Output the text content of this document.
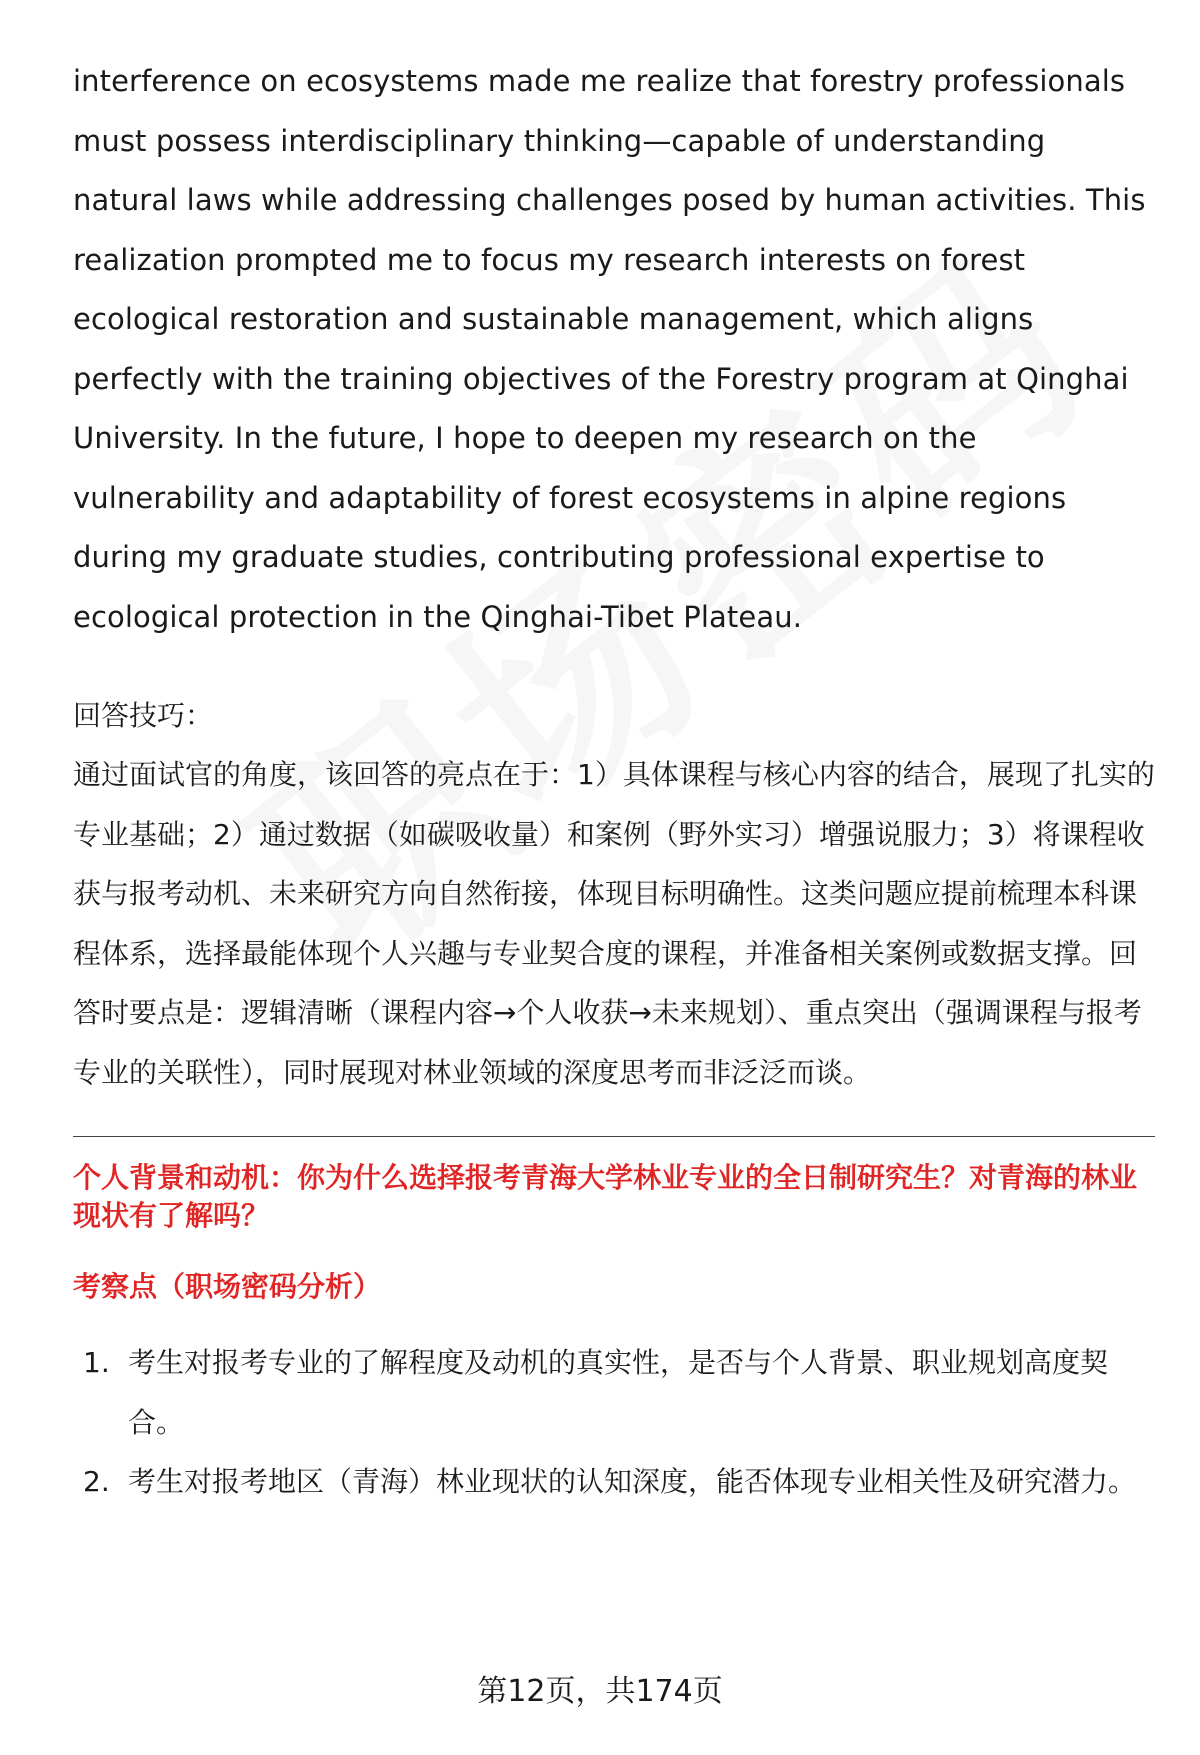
interference on ecosystems made me realize that forestry professionals must possess interdisciplinary thinking—capable of understanding natural laws while addressing challenges posed by human activities. This realization prompted me to focus my research interests on forest ecological restoration and sustainable management, which aligns perfectly with the training objectives of the Forestry program at Qinghai University. In the future, I hope to deepen my research on the vulnerability and adaptability of forest ecosystems in alpine regions during my graduate studies, contributing professional expertise to ecological protection in the Qinghai-Tibet Plateau.

回答技巧：

通过面试官的角度，该回答的亮点在于：1）具体课程与核心内容的结合，展现了扎实的专业基础；2）通过数据（如碳吸收量）和案例（野外实习）增强说服力；3）将课程收获与报考动机、未来研究方向自然衔接，体现目标明确性。这类问题应提前梳理本科课程体系，选择最能体现个人兴趣与专业契合度的课程，并准备相关案例或数据支撑。回答时要点是：逻辑清晰（课程内容→个人收获→未来规划）、重点突出（强调课程与报考专业的关联性），同时展现对林业领域的深度思考而非泛泛而谈。

个人背景和动机：你为什么选择报考青海大学林业专业的全日制研究生？对青海的林业现状有了解吗？

考察点（职场密码分析）

1. 考生对报考专业的了解程度及动机的真实性，是否与个人背景、职业规划高度契合。
2. 考生对报考地区（青海）林业现状的认知深度，能否体现专业相关性及研究潜力。
第12页，共174页
